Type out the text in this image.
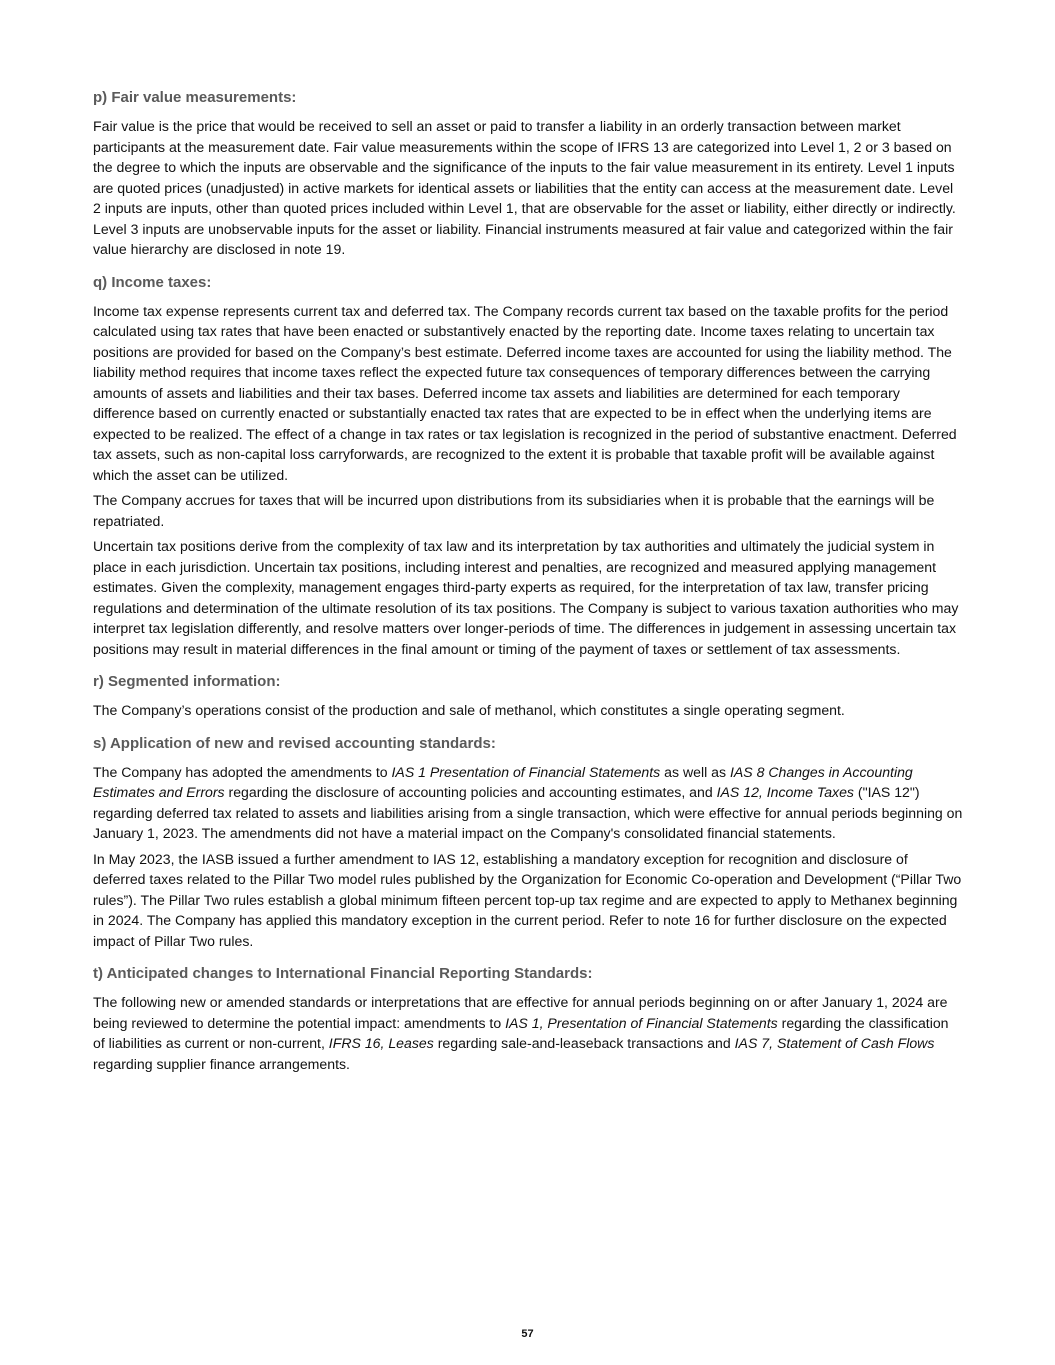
p) Fair value measurements:

Fair value is the price that would be received to sell an asset or paid to transfer a liability in an orderly transaction between market participants at the measurement date. Fair value measurements within the scope of IFRS 13 are categorized into Level 1, 2 or 3 based on the degree to which the inputs are observable and the significance of the inputs to the fair value measurement in its entirety. Level 1 inputs are quoted prices (unadjusted) in active markets for identical assets or liabilities that the entity can access at the measurement date. Level 2 inputs are inputs, other than quoted prices included within Level 1, that are observable for the asset or liability, either directly or indirectly. Level 3 inputs are unobservable inputs for the asset or liability. Financial instruments measured at fair value and categorized within the fair value hierarchy are disclosed in note 19.

q) Income taxes:

Income tax expense represents current tax and deferred tax. The Company records current tax based on the taxable profits for the period calculated using tax rates that have been enacted or substantively enacted by the reporting date. Income taxes relating to uncertain tax positions are provided for based on the Company’s best estimate. Deferred income taxes are accounted for using the liability method. The liability method requires that income taxes reflect the expected future tax consequences of temporary differences between the carrying amounts of assets and liabilities and their tax bases. Deferred income tax assets and liabilities are determined for each temporary difference based on currently enacted or substantially enacted tax rates that are expected to be in effect when the underlying items are expected to be realized. The effect of a change in tax rates or tax legislation is recognized in the period of substantive enactment. Deferred tax assets, such as non-capital loss carryforwards, are recognized to the extent it is probable that taxable profit will be available against which the asset can be utilized.

The Company accrues for taxes that will be incurred upon distributions from its subsidiaries when it is probable that the earnings will be repatriated.

Uncertain tax positions derive from the complexity of tax law and its interpretation by tax authorities and ultimately the judicial system in place in each jurisdiction. Uncertain tax positions, including interest and penalties, are recognized and measured applying management estimates. Given the complexity, management engages third-party experts as required, for the interpretation of tax law, transfer pricing regulations and determination of the ultimate resolution of its tax positions. The Company is subject to various taxation authorities who may interpret tax legislation differently, and resolve matters over longer-periods of time. The differences in judgement in assessing uncertain tax positions may result in material differences in the final amount or timing of the payment of taxes or settlement of tax assessments.

r) Segmented information:

The Company’s operations consist of the production and sale of methanol, which constitutes a single operating segment.

s) Application of new and revised accounting standards:

The Company has adopted the amendments to IAS 1 Presentation of Financial Statements as well as IAS 8 Changes in Accounting Estimates and Errors regarding the disclosure of accounting policies and accounting estimates, and IAS 12, Income Taxes ("IAS 12") regarding deferred tax related to assets and liabilities arising from a single transaction, which were effective for annual periods beginning on January 1, 2023. The amendments did not have a material impact on the Company's consolidated financial statements.

In May 2023, the IASB issued a further amendment to IAS 12, establishing a mandatory exception for recognition and disclosure of deferred taxes related to the Pillar Two model rules published by the Organization for Economic Co-operation and Development (“Pillar Two rules”). The Pillar Two rules establish a global minimum fifteen percent top-up tax regime and are expected to apply to Methanex beginning in 2024. The Company has applied this mandatory exception in the current period. Refer to note 16 for further disclosure on the expected impact of Pillar Two rules.

t) Anticipated changes to International Financial Reporting Standards:

The following new or amended standards or interpretations that are effective for annual periods beginning on or after January 1, 2024 are being reviewed to determine the potential impact: amendments to IAS 1, Presentation of Financial Statements regarding the classification of liabilities as current or non-current, IFRS 16, Leases regarding sale-and-leaseback transactions and IAS 7, Statement of Cash Flows regarding supplier finance arrangements.

57
